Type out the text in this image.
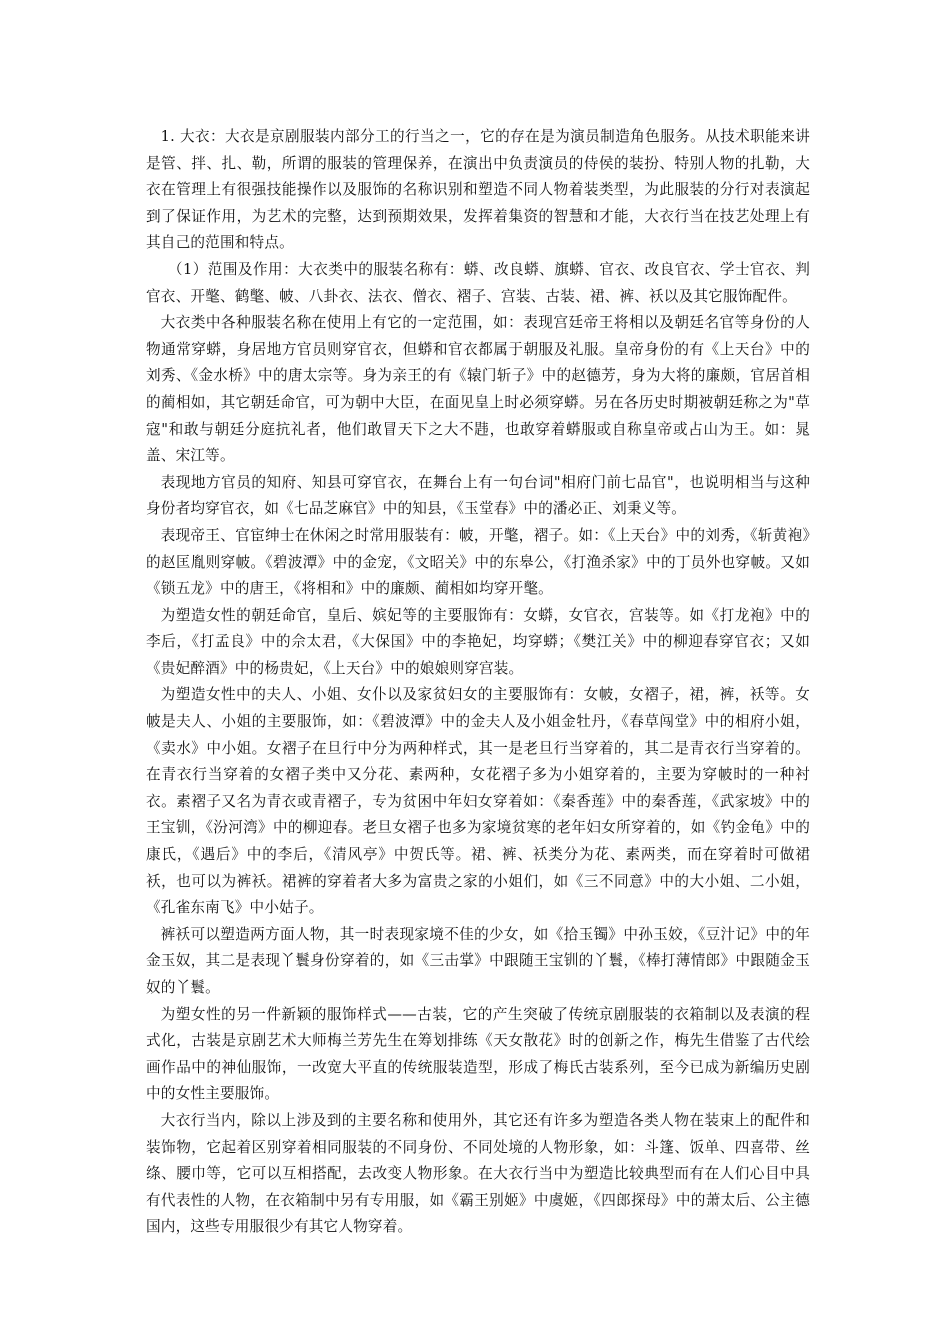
1. 大衣：大衣是京剧服装内部分工的行当之一，它的存在是为演员制造角色服务。从技术职能来讲是管、拌、扎、勒，所谓的服装的管理保养，在演出中负责演员的侍侯的装扮、特别人物的扎勒，大衣在管理上有很强技能操作以及服饰的名称识别和塑造不同人物着装类型，为此服装的分行对表演起到了保证作用，为艺术的完整，达到预期效果，发挥着集资的智慧和才能，大衣行当在技艺处理上有其自己的范围和特点。

（1）范围及作用：大衣类中的服装名称有：蟒、改良蟒、旗蟒、官衣、改良官衣、学士官衣、判官衣、开氅、鹤氅、帔、八卦衣、法衣、僧衣、褶子、宫装、古装、裙、裤、袄以及其它服饰配件。

大衣类中各种服装名称在使用上有它的一定范围，如：表现宫廷帝王将相以及朝廷名官等身份的人物通常穿蟒，身居地方官员则穿官衣，但蟒和官衣都属于朝服及礼服。皇帝身份的有《上天台》中的刘秀、《金水桥》中的唐太宗等。身为亲王的有《辕门斩子》中的赵德芳，身为大将的廉颇，官居首相的蔺相如，其它朝廷命官，可为朝中大臣，在面见皇上时必须穿蟒。另在各历史时期被朝廷称之为"草寇"和敢与朝廷分庭抗礼者，他们敢冒天下之大不韪，也敢穿着蟒服或自称皇帝或占山为王。如：晁盖、宋江等。

表现地方官员的知府、知县可穿官衣，在舞台上有一句台词"相府门前七品官"，也说明相当与这种身份者均穿官衣，如《七品芝麻官》中的知县，《玉堂春》中的潘必正、刘秉义等。

表现帝王、官宦绅士在休闲之时常用服装有：帔，开氅，褶子。如：《上天台》中的刘秀，《斩黄袍》的赵匡胤则穿帔。《碧波潭》中的金宠，《文昭关》中的东皋公，《打渔杀家》中的丁员外也穿帔。又如《锁五龙》中的唐王，《将相和》中的廉颇、蔺相如均穿开氅。

为塑造女性的朝廷命官，皇后、嫔妃等的主要服饰有：女蟒，女官衣，宫装等。如《打龙袍》中的李后，《打孟良》中的佘太君，《大保国》中的李艳妃，均穿蟒；《樊江关》中的柳迎春穿官衣；又如《贵妃醉酒》中的杨贵妃，《上天台》中的娘娘则穿宫装。

为塑造女性中的夫人、小姐、女仆以及家贫妇女的主要服饰有：女帔，女褶子，裙，裤，袄等。女帔是夫人、小姐的主要服饰，如：《碧波潭》中的金夫人及小姐金牡丹，《春草闯堂》中的相府小姐，《卖水》中小姐。女褶子在旦行中分为两种样式，其一是老旦行当穿着的，其二是青衣行当穿着的。在青衣行当穿着的女褶子类中又分花、素两种，女花褶子多为小姐穿着的，主要为穿帔时的一种衬衣。素褶子又名为青衣或青褶子，专为贫困中年妇女穿着如：《秦香莲》中的秦香莲，《武家坡》中的王宝钏，《汾河湾》中的柳迎春。老旦女褶子也多为家境贫寒的老年妇女所穿着的，如《钓金龟》中的康氏，《遇后》中的李后，《清风亭》中贺氏等。裙、裤、袄类分为花、素两类，而在穿着时可做裙袄，也可以为裤袄。裙裤的穿着者大多为富贵之家的小姐们，如《三不同意》中的大小姐、二小姐，《孔雀东南飞》中小姑子。

裤袄可以塑造两方面人物，其一时表现家境不佳的少女，如《拾玉镯》中孙玉姣，《豆汁记》中的年金玉奴，其二是表现丫鬟身份穿着的，如《三击掌》中跟随王宝钏的丫鬟，《棒打薄情郎》中跟随金玉奴的丫鬟。

为塑女性的另一件新颖的服饰样式——古装，它的产生突破了传统京剧服装的衣箱制以及表演的程式化，古装是京剧艺术大师梅兰芳先生在筹划排练《天女散花》时的创新之作，梅先生借鉴了古代绘画作品中的神仙服饰，一改宽大平直的传统服装造型，形成了梅氏古装系列，至今已成为新编历史剧中的女性主要服饰。

大衣行当内，除以上涉及到的主要名称和使用外，其它还有许多为塑造各类人物在装束上的配件和装饰物，它起着区别穿着相同服装的不同身份、不同处境的人物形象，如：斗篷、饭单、四喜带、丝绦、腰巾等，它可以互相搭配，去改变人物形象。在大衣行当中为塑造比较典型而有在人们心目中具有代表性的人物，在衣箱制中另有专用服，如《霸王别姬》中虞姬，《四郎探母》中的萧太后、公主德国内，这些专用服很少有其它人物穿着。
